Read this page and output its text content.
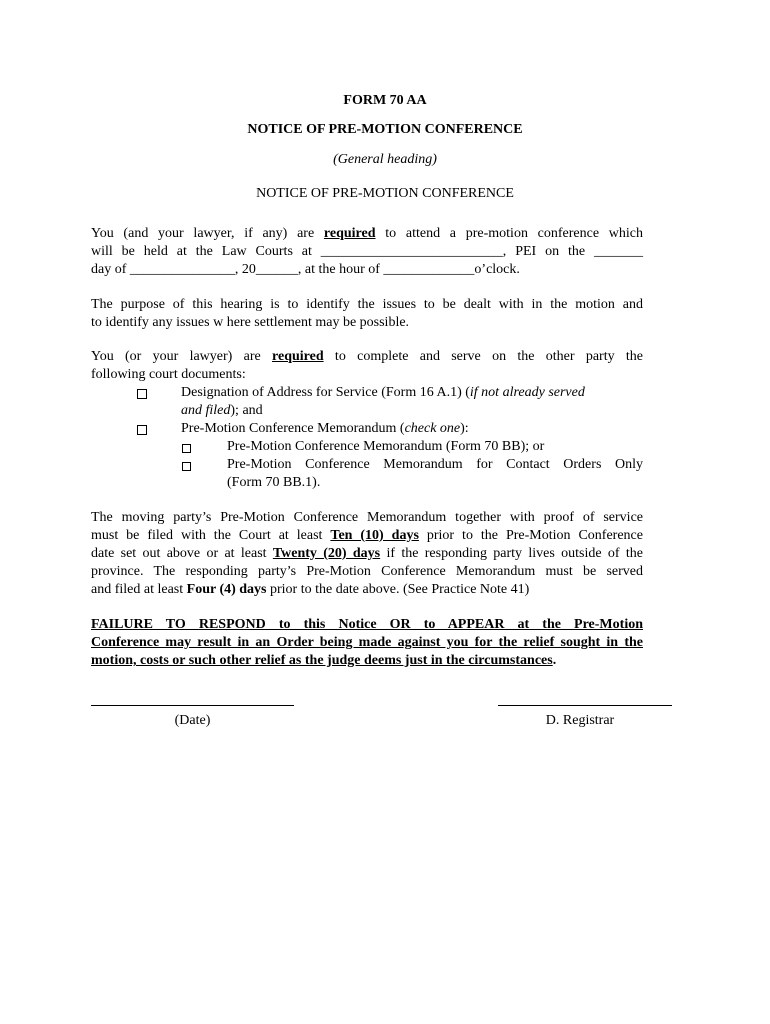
FORM 70 AA
NOTICE OF PRE-MOTION CONFERENCE
(General heading)
NOTICE OF PRE-MOTION CONFERENCE
You (and your lawyer, if any) are required to attend a pre-motion conference which
will be held at the Law Courts at __________________________, PEI on the _______
day of _______________, 20______, at the hour of _____________o’clock.
The purpose of this hearing is to identify the issues to be dealt with in the motion and
to identify any issues w here settlement may be possible.
You (or your lawyer) are required to complete and serve on the other party the
following court documents:
Designation of Address for Service (Form 16 A.1) (if not already served
and filed); and
Pre-Motion Conference Memorandum (check one):
Pre-Motion Conference Memorandum (Form 70 BB); or
Pre-Motion Conference Memorandum for Contact Orders Only
(Form 70 BB.1).
The moving party’s Pre-Motion Conference Memorandum together with proof of service
must be filed with the Court at least Ten (10) days prior to the Pre-Motion Conference
date set out above or at least Twenty (20) days if the responding party lives outside of the
province. The responding party’s Pre-Motion Conference Memorandum must be served
and filed at least Four (4) days prior to the date above. (See Practice Note 41)
FAILURE TO RESPOND to this Notice OR to APPEAR at the Pre-Motion
Conference may result in an Order being made against you for the relief sought in the
motion, costs or such other relief as the judge deems just in the circumstances.
(Date)	D. Registrar
